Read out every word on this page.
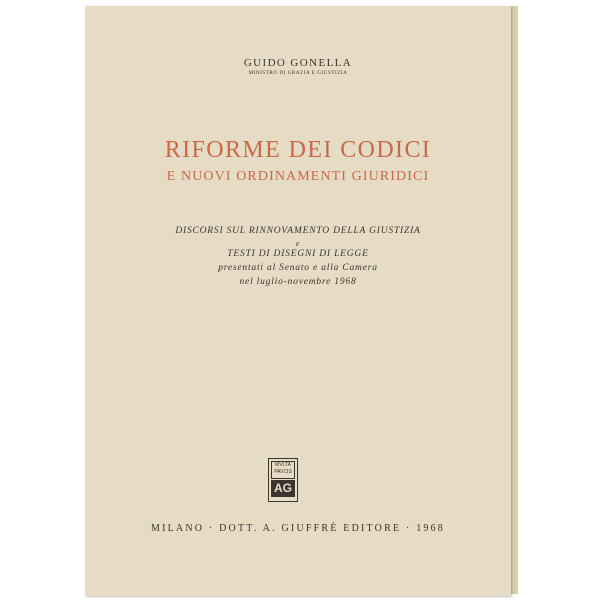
GUIDO GONELLA
MINISTRO DI GRAZIA E GIUSTIZIA
RIFORME DEI CODICI
E NUOVI ORDINAMENTI GIURIDICI
DISCORSI SUL RINNOVAMENTO DELLA GIUSTIZIA
e
TESTI DI DISEGNI DI LEGGE
presentati al Senato e alla Camera
nel luglio-novembre 1968
MILANO · DOTT. A. GIUFFRÈ EDITORE · 1968
MVLTA
PAVCIS
AG
